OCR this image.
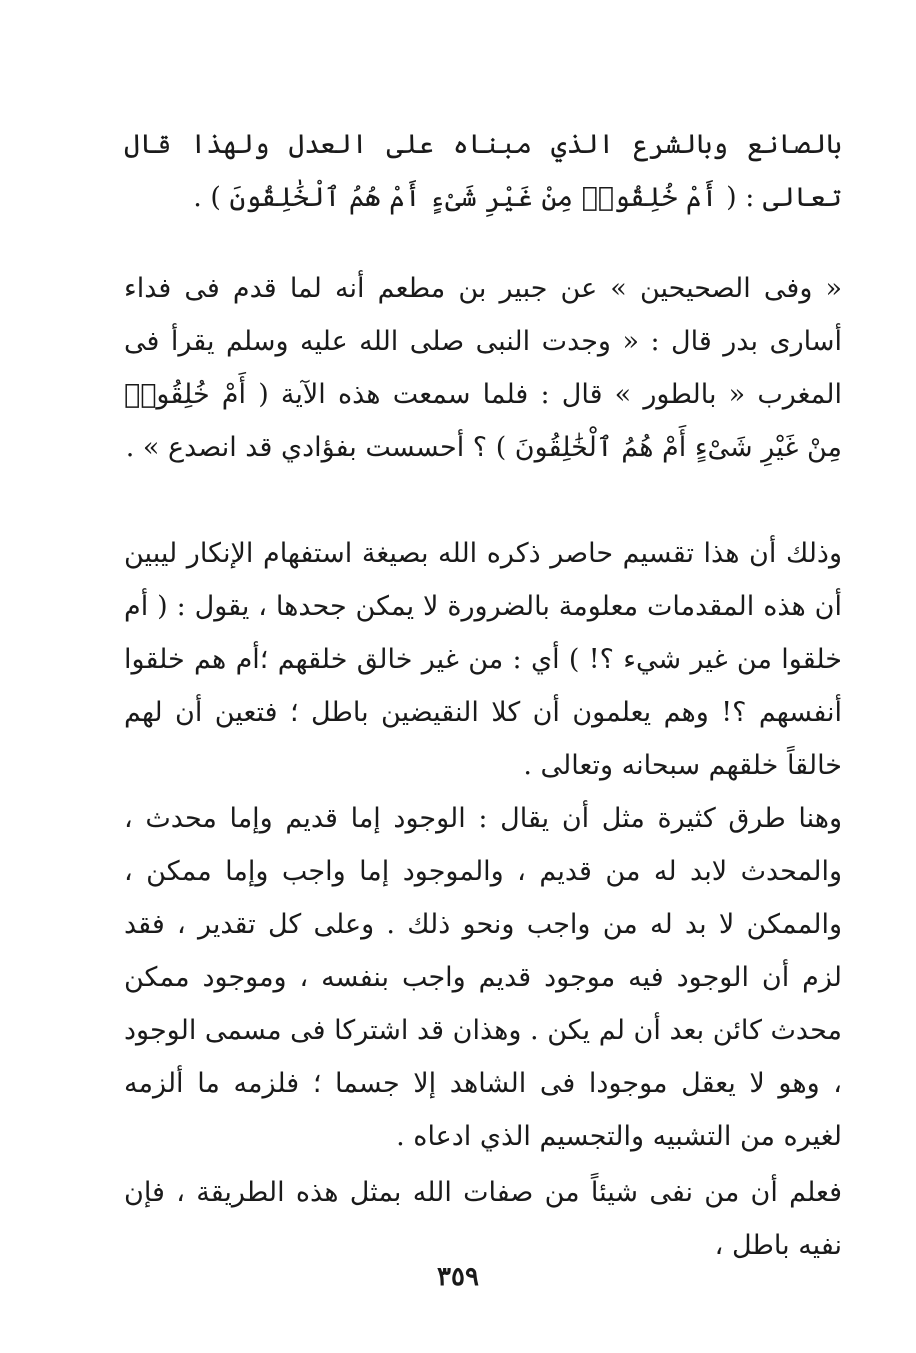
بالصانع وبالشرع الذي مبناه على العدل ولهذا قال تعالى : ( أَمْ خُلِقُوا۟ مِنْ غَيْرِ شَىْءٍ أَمْ هُمُ ٱلْخَٰلِقُونَ ) .

« وفى الصحيحين » عن جبير بن مطعم أنه لما قدم فى فداء أسارى بدر قال : « وجدت النبى صلى الله عليه وسلم يقرأ فى المغرب « بالطور » قال : فلما سمعت هذه الآية ( أَمْ خُلِقُوا۟ مِنْ غَيْرِ شَىْءٍ أَمْ هُمُ ٱلْخَٰلِقُونَ ) ؟ أحسست بفؤادي قد انصدع » .

وذلك أن هذا تقسيم حاصر ذكره الله بصيغة استفهام الإنكار ليبين أن هذه المقدمات معلومة بالضرورة لا يمكن جحدها ، يقول : ( أم خلقوا من غير شيء ؟! ) أي : من غير خالق خلقهم ؛أم هم خلقوا أنفسهم ؟! وهم يعلمون أن كلا النقيضين باطل ؛ فتعين أن لهم خالقاً خلقهم سبحانه وتعالى .

وهنا طرق كثيرة مثل أن يقال : الوجود إما قديم وإما محدث ، والمحدث لابد له من قديم ، والموجود إما واجب وإما ممكن ، والممكن لا بد له من واجب ونحو ذلك . وعلى كل تقدير ، فقد لزم أن الوجود فيه موجود قديم واجب بنفسه ، وموجود ممكن محدث كائن بعد أن لم يكن . وهذان قد اشتركا فى مسمى الوجود ، وهو لا يعقل موجودا فى الشاهد إلا جسما ؛ فلزمه ما ألزمه لغيره من التشبيه والتجسيم الذي ادعاه .

فعلم أن من نفى شيئاً من صفات الله بمثل هذه الطريقة ، فإن نفيه باطل ،

٣٥٩
